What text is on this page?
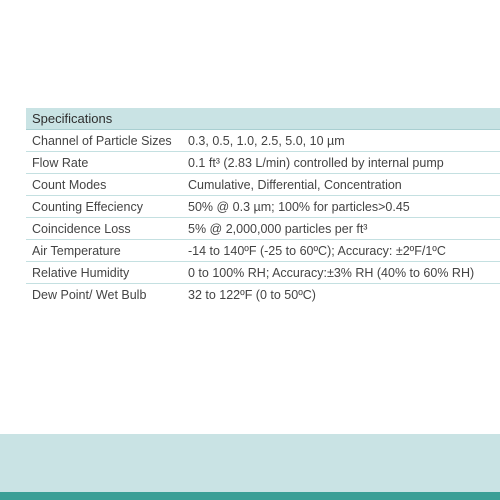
Specifications
Channel of Particle Sizes	0.3, 0.5, 1.0, 2.5, 5.0, 10 µm
Flow Rate	0.1 ft³ (2.83 L/min) controlled by internal pump
Count Modes	Cumulative, Differential, Concentration
Counting Effeciency	50% @ 0.3 µm; 100% for particles>0.45
Coincidence Loss	5% @ 2,000,000 particles per ft³
Air Temperature	-14 to 140ºF (-25 to 60ºC); Accuracy: ±2ºF/1ºC
Relative Humidity	0 to 100% RH; Accuracy:±3% RH (40% to 60% RH)
Dew Point/ Wet Bulb	32 to 122ºF (0 to 50ºC)
